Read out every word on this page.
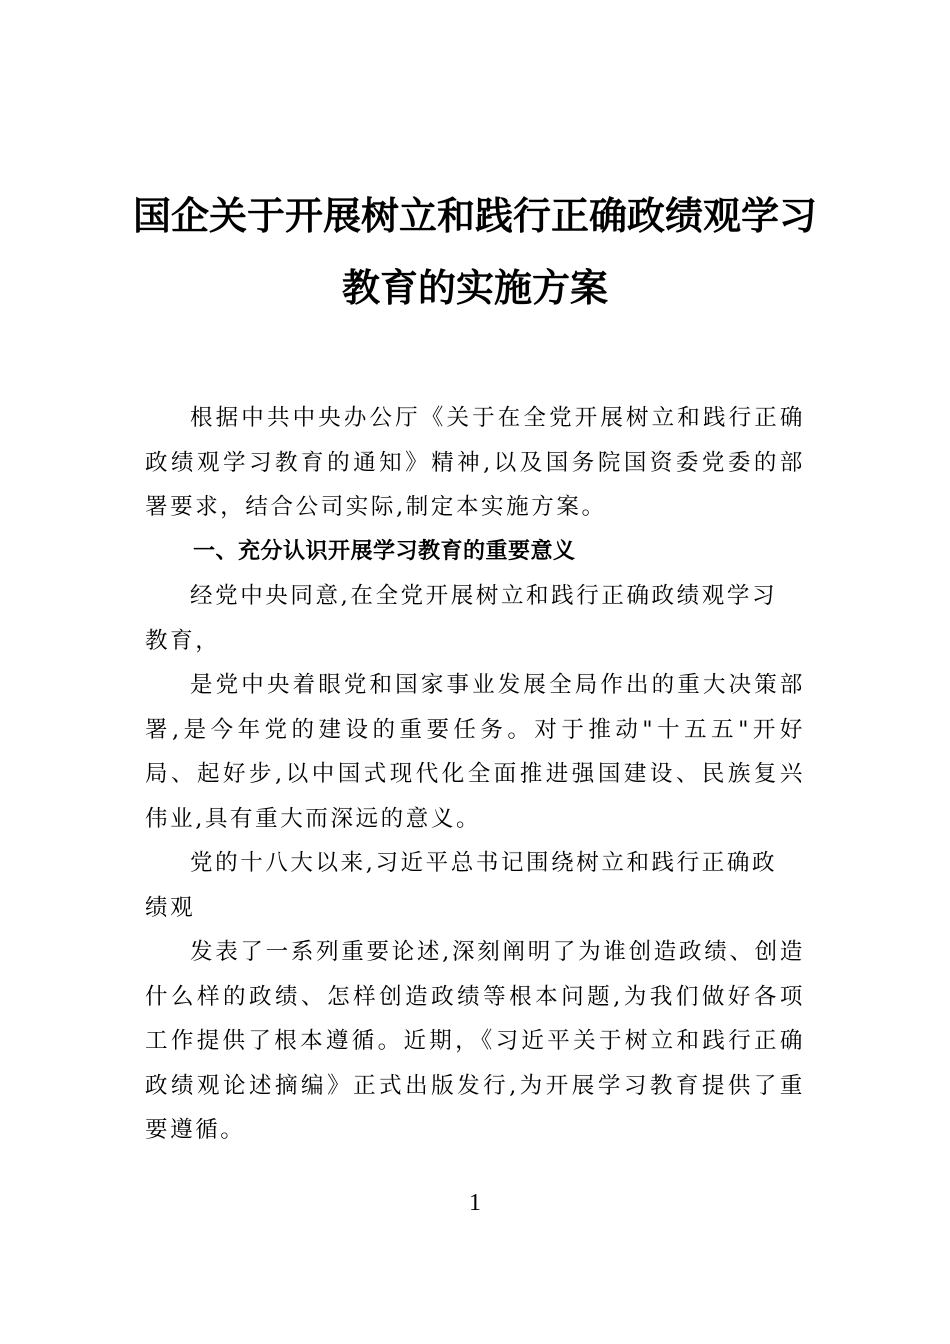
国企关于开展树立和践行正确政绩观学习
教育的实施方案

根据中共中央办公厅《关于在全党开展树立和践行正确政绩观学习教育的通知》精神,以及国务院国资委党委的部署要求，结合公司实际,制定本实施方案。

一、充分认识开展学习教育的重要意义

经党中央同意,在全党开展树立和践行正确政绩观学习

教育，

是党中央着眼党和国家事业发展全局作出的重大决策部署,是今年党的建设的重要任务。对于推动"十五五"开好局、起好步,以中国式现代化全面推进强国建设、民族复兴伟业,具有重大而深远的意义。

党的十八大以来,习近平总书记围绕树立和践行正确政

绩观

发表了一系列重要论述,深刻阐明了为谁创造政绩、创造什么样的政绩、怎样创造政绩等根本问题,为我们做好各项工作提供了根本遵循。近期，《习近平关于树立和践行正确政绩观论述摘编》正式出版发行,为开展学习教育提供了重要遵循。

1
